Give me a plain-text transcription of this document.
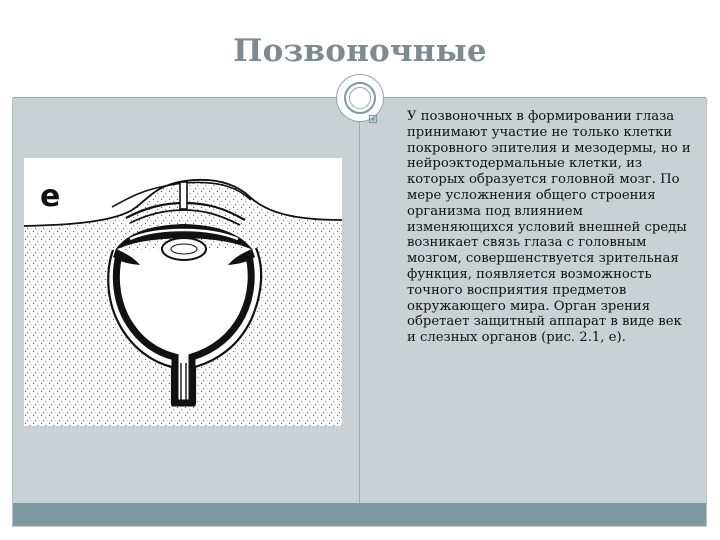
Позвоночные
е

У позвоночных в формировании глаза принимают участие не только клетки покровного эпителия и мезодермы, но и нейроэктодермальные клетки, из которых образуется головной мозг. По мере усложнения общего строения организма под влиянием изменяющихся условий внешней среды возникает связь глаза с головным мозгом, совершенствуется зрительная функция, появляется возможность точного восприятия предметов окружающего мира. Орган зрения обретает защитный аппарат в виде век и слезных органов (рис. 2.1, е).
